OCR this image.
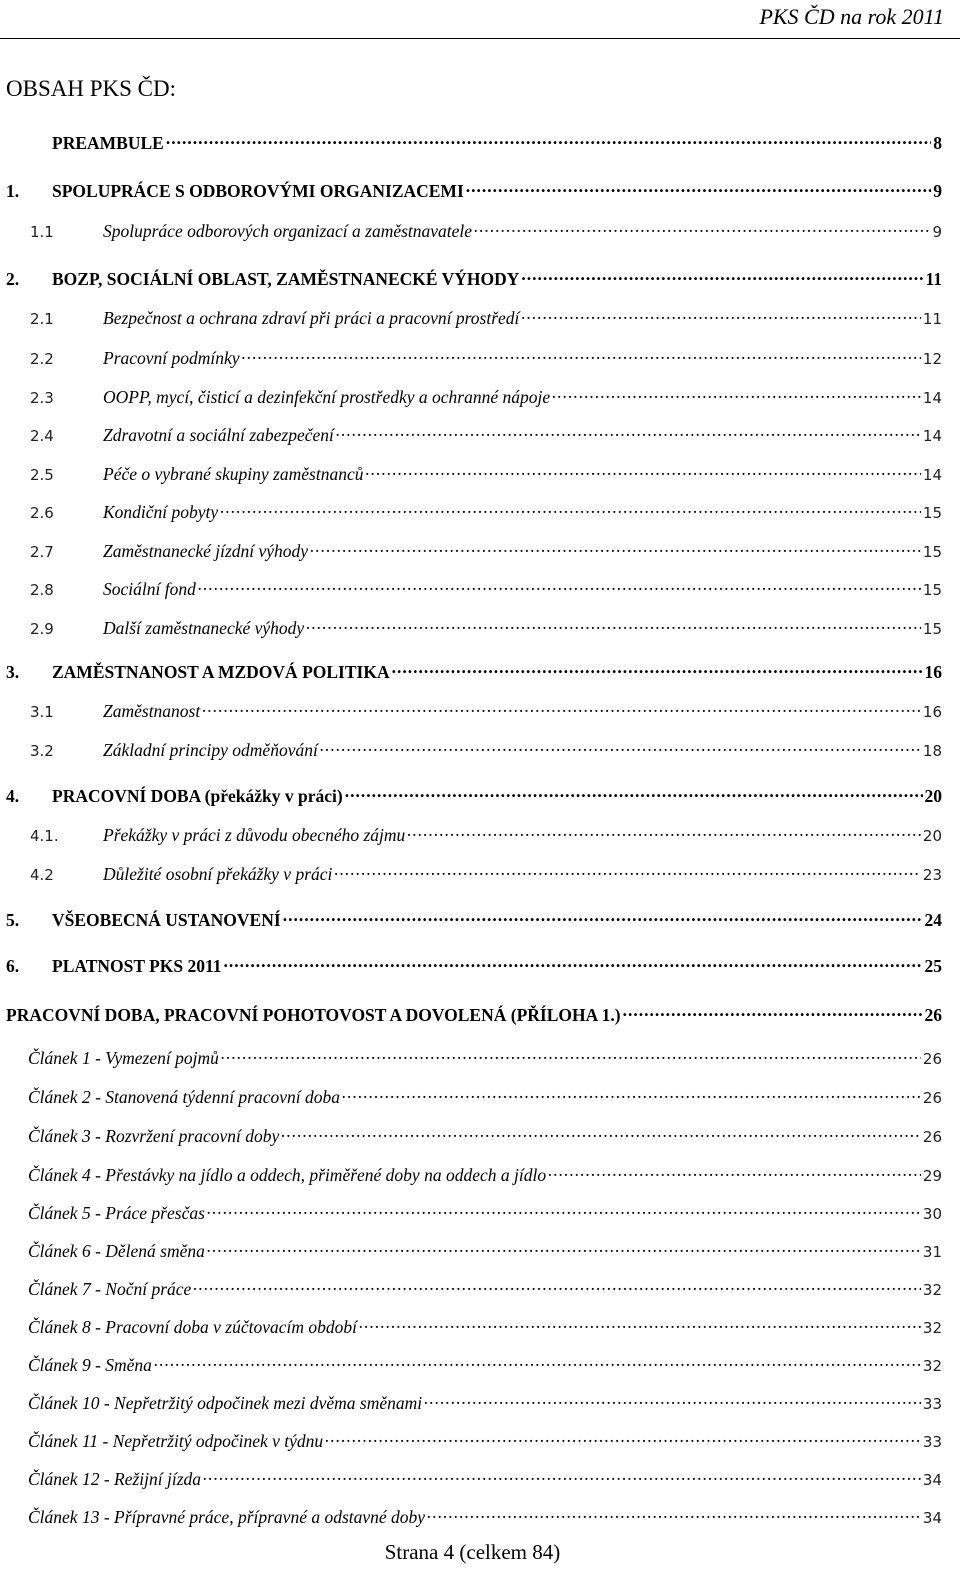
PKS ČD na rok 2011
OBSAH PKS ČD:
PREAMBULE .....	8
1.	SPOLUPRÁCE S ODBOROVÝMI ORGANIZACEMI .....	9
1.1	Spolupráce odborových organizací a zaměstnavatele .....	9
2.	BOZP, SOCIÁLNÍ OBLAST, ZAMĚSTNANECKÉ VÝHODY .....	11
2.1	Bezpečnost a ochrana zdraví při práci a pracovní prostředí .....	11
2.2	Pracovní podmínky .....	12
2.3	OOPP, mycí, čisticí a dezinfekční prostředky a ochranné nápoje .....	14
2.4	Zdravotní a sociální zabezpečení .....	14
2.5	Péče o vybrané skupiny zaměstnanců .....	14
2.6	Kondiční pobyty .....	15
2.7	Zaměstnanecké jízdní výhody .....	15
2.8	Sociální fond .....	15
2.9	Další zaměstnanecké výhody .....	15
3.	ZAMĚSTNANOST A MZDOVÁ POLITIKA .....	16
3.1	Zaměstnanost .....	16
3.2	Základní principy odměňování .....	18
4.	PRACOVNÍ DOBA (překážky v práci) .....	20
4.1.	Překážky v práci z důvodu obecného zájmu .....	20
4.2	Důležité osobní překážky v práci .....	23
5.	VŠEOBECNÁ USTANOVENÍ .....	24
6.	PLATNOST PKS 2011 .....	25
PRACOVNÍ DOBA, PRACOVNÍ POHOTOVOST A DOVOLENÁ (PŘÍLOHA 1.) .....	26
Článek 1 - Vymezení pojmů .....	26
Článek 2 - Stanovená týdenní pracovní doba .....	26
Článek 3 - Rozvržení pracovní doby .....	26
Článek 4 - Přestávky na jídlo a oddech, přiměřené doby na oddech a jídlo .....	29
Článek 5 - Práce přesčas .....	30
Článek 6 - Dělená směna .....	31
Článek 7 - Noční práce .....	32
Článek 8 - Pracovní doba v zúčtovacím období .....	32
Článek 9 - Směna .....	32
Článek 10 - Nepřetržitý odpočinek mezi dvěma směnami .....	33
Článek 11 - Nepřetržitý odpočinek v týdnu .....	33
Článek 12 - Režijní jízda .....	34
Článek 13 - Přípravné práce, přípravné a odstavné doby .....	34
Strana 4 (celkem 84)
